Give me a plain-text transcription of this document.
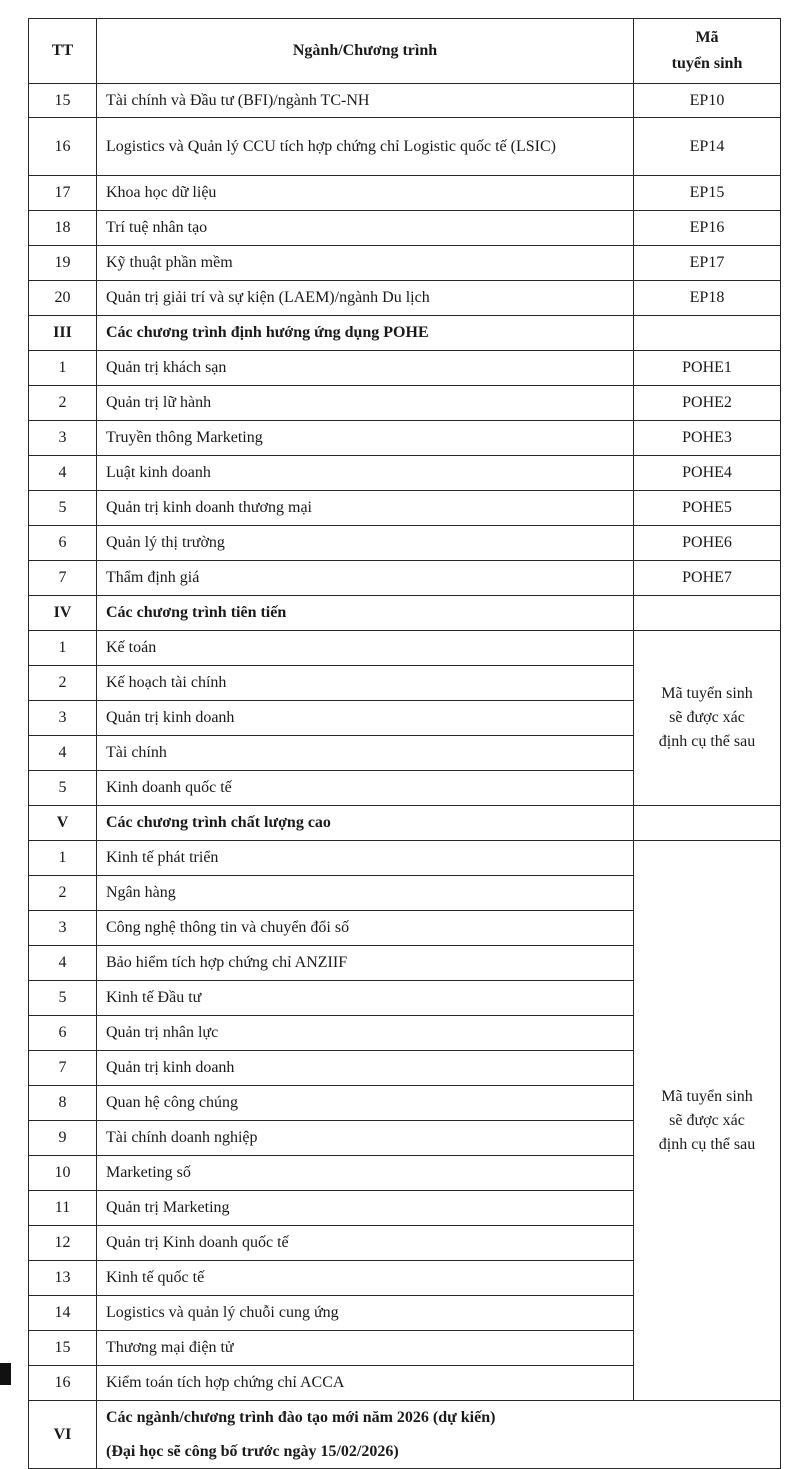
TT	Ngành/Chương trình	Mã
tuyển sinh

15	Tài chính và Đầu tư (BFI)/ngành TC-NH	EP10
16	Logistics và Quản lý CCU tích hợp chứng chỉ Logistic quốc tế (LSIC)	EP14
17	Khoa học dữ liệu	EP15
18	Trí tuệ nhân tạo	EP16
19	Kỹ thuật phần mềm	EP17
20	Quản trị giải trí và sự kiện (LAEM)/ngành Du lịch	EP18
III	Các chương trình định hướng ứng dụng POHE	
1	Quản trị khách sạn	POHE1
2	Quản trị lữ hành	POHE2
3	Truyền thông Marketing	POHE3
4	Luật kinh doanh	POHE4
5	Quản trị kinh doanh thương mại	POHE5
6	Quản lý thị trường	POHE6
7	Thẩm định giá	POHE7
IV	Các chương trình tiên tiến	
1	Kế toán	Mã tuyển sinh
sẽ được xác
định cụ thể sau

2	Kế hoạch tài chính	
3	Quản trị kinh doanh	
4	Tài chính	
5	Kinh doanh quốc tế	
V	Các chương trình chất lượng cao	
1	Kinh tế phát triển	Mã tuyển sinh
sẽ được xác
định cụ thể sau

2	Ngân hàng	
3	Công nghệ thông tin và chuyển đổi số	
4	Bảo hiểm tích hợp chứng chỉ ANZIIF	
5	Kinh tế Đầu tư	
6	Quản trị nhân lực	
7	Quản trị kinh doanh	
8	Quan hệ công chúng	
9	Tài chính doanh nghiệp	
10	Marketing số	
11	Quản trị Marketing	
12	Quản trị Kinh doanh quốc tế	
13	Kinh tế quốc tế	
14	Logistics và quản lý chuỗi cung ứng	
15	Thương mại điện tử	
16	Kiểm toán tích hợp chứng chỉ ACCA	
VI	Các ngành/chương trình đào tạo mới năm 2026 (dự kiến)
(Đại học sẽ công bố trước ngày 15/02/2026)	
